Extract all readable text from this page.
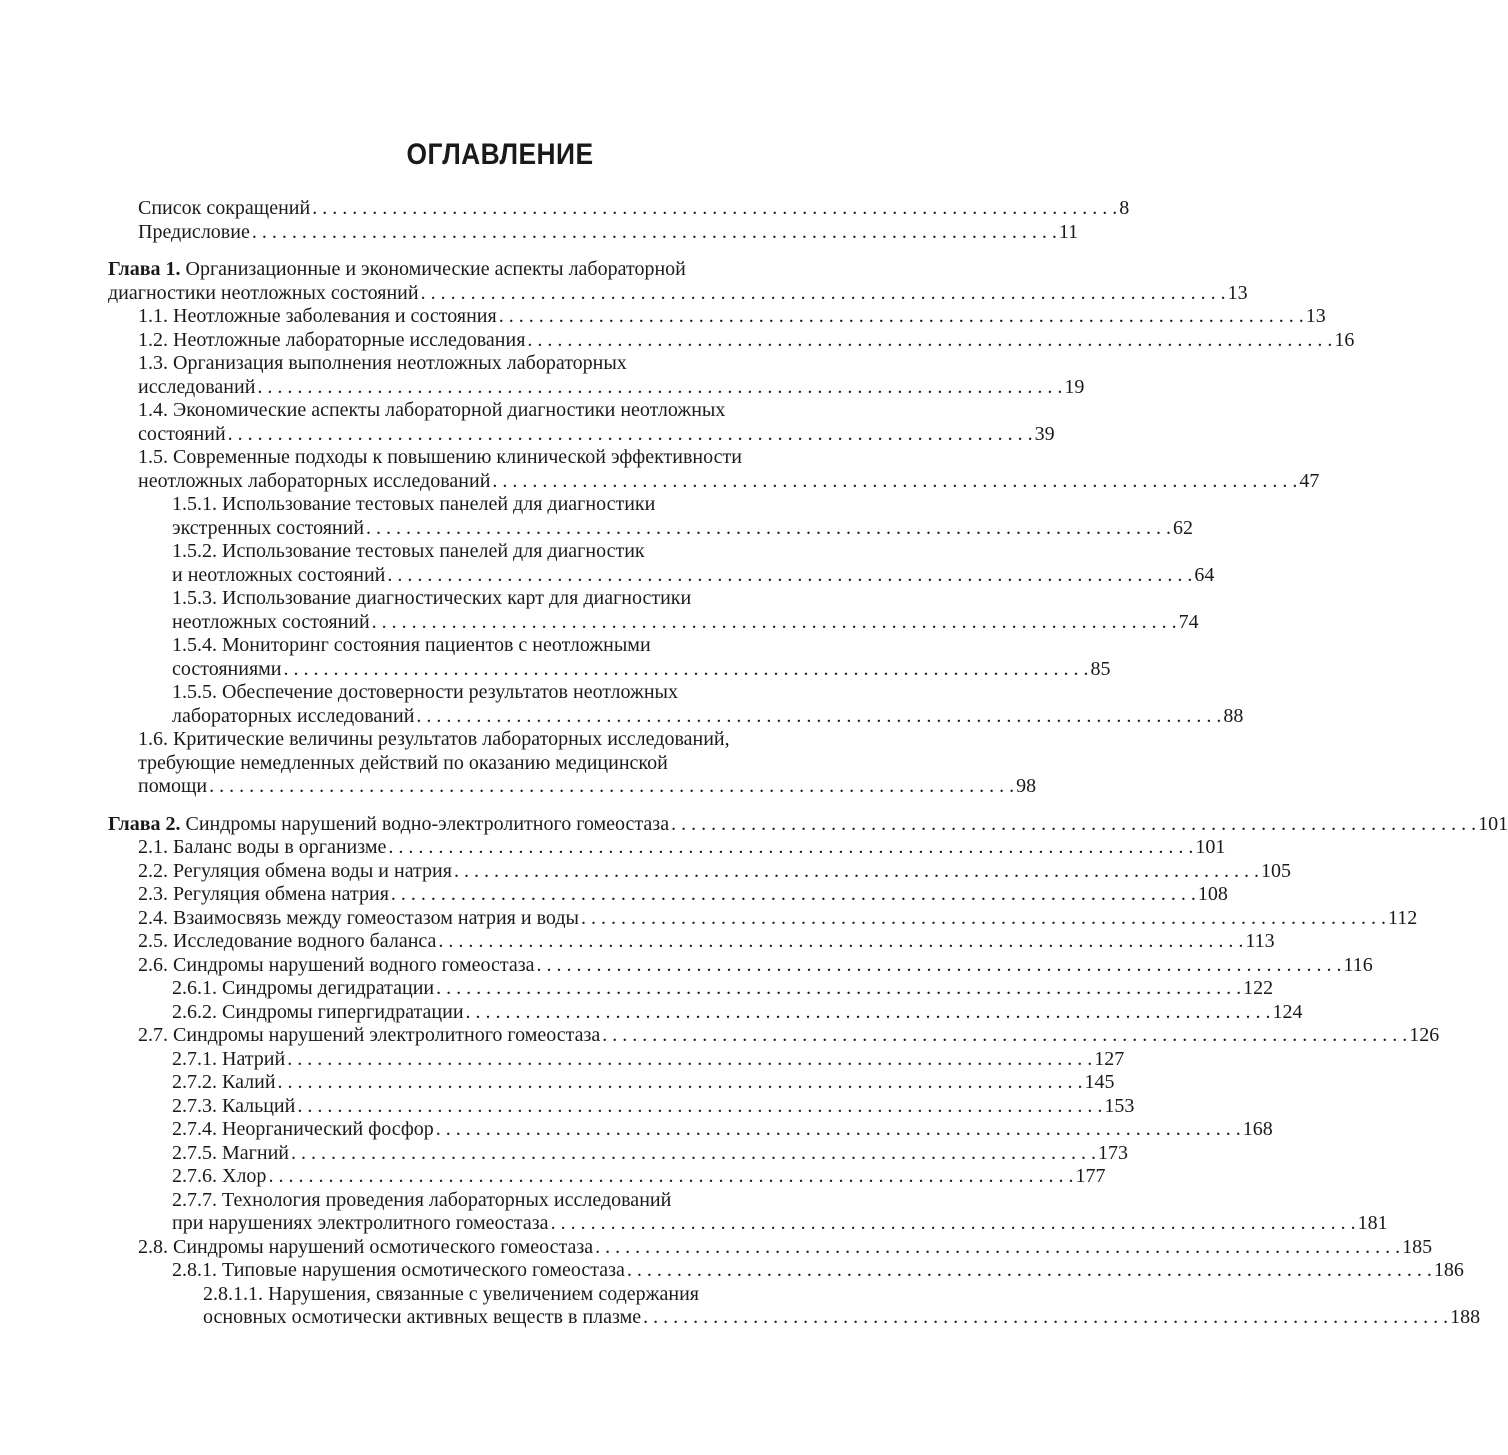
ОГЛАВЛЕНИЕ
Список сокращений . . . . . . . . . . . . . . . . . . . . . . . . . . . . . . . . . . . . . . . . . . . . . . . . . . . . . . . . . . . . . . . . . . . . . . . . . . . . . . . . . 8
Предисловие . . . . . . . . . . . . . . . . . . . . . . . . . . . . . . . . . . . . . . . . . . . . . . . . . . . . . . . . . . . . . . . . . . . . . . . . . . . . . . . . . 11
Глава 1. Организационные и экономические аспекты лабораторной
диагностики неотложных состояний . . . . . . . . . . . . . . . . . . . . . . . . . . . . . . . . . . . . . . . . . . . . . . . . . . . . . . . . . . . . . . . . . . . . . . . . . . . . . . . . . 13
1.1. Неотложные заболевания и состояния . . . . . . . . . . . . . . . . . . . . . . . . . . . . . . . . . . . . . . . . . . . . . . . . . . . . . . . . . . . . . . . . . . . . . . . . . . . . . . . . . 13
1.2. Неотложные лабораторные исследования . . . . . . . . . . . . . . . . . . . . . . . . . . . . . . . . . . . . . . . . . . . . . . . . . . . . . . . . . . . . . . . . . . . . . . . . . . . . . . . . . 16
1.3. Организация выполнения неотложных лабораторных
исследований . . . . . . . . . . . . . . . . . . . . . . . . . . . . . . . . . . . . . . . . . . . . . . . . . . . . . . . . . . . . . . . . . . . . . . . . . . . . . . . . . 19
1.4. Экономические аспекты лабораторной диагностики неотложных
состояний . . . . . . . . . . . . . . . . . . . . . . . . . . . . . . . . . . . . . . . . . . . . . . . . . . . . . . . . . . . . . . . . . . . . . . . . . . . . . . . . . 39
1.5. Современные подходы к повышению клинической эффективности
неотложных лабораторных исследований . . . . . . . . . . . . . . . . . . . . . . . . . . . . . . . . . . . . . . . . . . . . . . . . . . . . . . . . . . . . . . . . . . . . . . . . . . . . . . . . . 47
1.5.1. Использование тестовых панелей для диагностики
экстренных состояний . . . . . . . . . . . . . . . . . . . . . . . . . . . . . . . . . . . . . . . . . . . . . . . . . . . . . . . . . . . . . . . . . . . . . . . . . . . . . . . . . 62
1.5.2. Использование тестовых панелей для диагностик
и неотложных состояний . . . . . . . . . . . . . . . . . . . . . . . . . . . . . . . . . . . . . . . . . . . . . . . . . . . . . . . . . . . . . . . . . . . . . . . . . . . . . . . . . 64
1.5.3. Использование диагностических карт для диагностики
неотложных состояний . . . . . . . . . . . . . . . . . . . . . . . . . . . . . . . . . . . . . . . . . . . . . . . . . . . . . . . . . . . . . . . . . . . . . . . . . . . . . . . . . 74
1.5.4. Мониторинг состояния пациентов с неотложными
состояниями . . . . . . . . . . . . . . . . . . . . . . . . . . . . . . . . . . . . . . . . . . . . . . . . . . . . . . . . . . . . . . . . . . . . . . . . . . . . . . . . . 85
1.5.5. Обеспечение достоверности результатов неотложных
лабораторных исследований . . . . . . . . . . . . . . . . . . . . . . . . . . . . . . . . . . . . . . . . . . . . . . . . . . . . . . . . . . . . . . . . . . . . . . . . . . . . . . . . . 88
1.6. Критические величины результатов лабораторных исследований,
требующие немедленных действий по оказанию медицинской
помощи . . . . . . . . . . . . . . . . . . . . . . . . . . . . . . . . . . . . . . . . . . . . . . . . . . . . . . . . . . . . . . . . . . . . . . . . . . . . . . . . . 98
Глава 2. Синдромы нарушений водно-электролитного гомеостаза . . . . . . . . . . . . . . . . . . . . . . . . . . . . . . . . . . . . . . . . . . . . . . . . . . . . . . . . . . . . . . . . . . . . . . . . . . . . . . . . . 101
2.1. Баланс воды в организме . . . . . . . . . . . . . . . . . . . . . . . . . . . . . . . . . . . . . . . . . . . . . . . . . . . . . . . . . . . . . . . . . . . . . . . . . . . . . . . . . 101
2.2. Регуляция обмена воды и натрия . . . . . . . . . . . . . . . . . . . . . . . . . . . . . . . . . . . . . . . . . . . . . . . . . . . . . . . . . . . . . . . . . . . . . . . . . . . . . . . . . 105
2.3. Регуляция обмена натрия . . . . . . . . . . . . . . . . . . . . . . . . . . . . . . . . . . . . . . . . . . . . . . . . . . . . . . . . . . . . . . . . . . . . . . . . . . . . . . . . . 108
2.4. Взаимосвязь между гомеостазом натрия и воды . . . . . . . . . . . . . . . . . . . . . . . . . . . . . . . . . . . . . . . . . . . . . . . . . . . . . . . . . . . . . . . . . . . . . . . . . . . . . . . . . 112
2.5. Исследование водного баланса . . . . . . . . . . . . . . . . . . . . . . . . . . . . . . . . . . . . . . . . . . . . . . . . . . . . . . . . . . . . . . . . . . . . . . . . . . . . . . . . . 113
2.6. Синдромы нарушений водного гомеостаза . . . . . . . . . . . . . . . . . . . . . . . . . . . . . . . . . . . . . . . . . . . . . . . . . . . . . . . . . . . . . . . . . . . . . . . . . . . . . . . . . 116
2.6.1. Синдромы дегидратации . . . . . . . . . . . . . . . . . . . . . . . . . . . . . . . . . . . . . . . . . . . . . . . . . . . . . . . . . . . . . . . . . . . . . . . . . . . . . . . . . 122
2.6.2. Синдромы гипергидратации . . . . . . . . . . . . . . . . . . . . . . . . . . . . . . . . . . . . . . . . . . . . . . . . . . . . . . . . . . . . . . . . . . . . . . . . . . . . . . . . . 124
2.7. Синдромы нарушений электролитного гомеостаза . . . . . . . . . . . . . . . . . . . . . . . . . . . . . . . . . . . . . . . . . . . . . . . . . . . . . . . . . . . . . . . . . . . . . . . . . . . . . . . . . 126
2.7.1. Натрий . . . . . . . . . . . . . . . . . . . . . . . . . . . . . . . . . . . . . . . . . . . . . . . . . . . . . . . . . . . . . . . . . . . . . . . . . . . . . . . . . 127
2.7.2. Калий . . . . . . . . . . . . . . . . . . . . . . . . . . . . . . . . . . . . . . . . . . . . . . . . . . . . . . . . . . . . . . . . . . . . . . . . . . . . . . . . . 145
2.7.3. Кальций . . . . . . . . . . . . . . . . . . . . . . . . . . . . . . . . . . . . . . . . . . . . . . . . . . . . . . . . . . . . . . . . . . . . . . . . . . . . . . . . . 153
2.7.4. Неорганический фосфор . . . . . . . . . . . . . . . . . . . . . . . . . . . . . . . . . . . . . . . . . . . . . . . . . . . . . . . . . . . . . . . . . . . . . . . . . . . . . . . . . 168
2.7.5. Магний . . . . . . . . . . . . . . . . . . . . . . . . . . . . . . . . . . . . . . . . . . . . . . . . . . . . . . . . . . . . . . . . . . . . . . . . . . . . . . . . . 173
2.7.6. Хлор . . . . . . . . . . . . . . . . . . . . . . . . . . . . . . . . . . . . . . . . . . . . . . . . . . . . . . . . . . . . . . . . . . . . . . . . . . . . . . . . . 177
2.7.7. Технология проведения лабораторных исследований
при нарушениях электролитного гомеостаза . . . . . . . . . . . . . . . . . . . . . . . . . . . . . . . . . . . . . . . . . . . . . . . . . . . . . . . . . . . . . . . . . . . . . . . . . . . . . . . . . 181
2.8. Синдромы нарушений осмотического гомеостаза . . . . . . . . . . . . . . . . . . . . . . . . . . . . . . . . . . . . . . . . . . . . . . . . . . . . . . . . . . . . . . . . . . . . . . . . . . . . . . . . . 185
2.8.1. Типовые нарушения осмотического гомеостаза . . . . . . . . . . . . . . . . . . . . . . . . . . . . . . . . . . . . . . . . . . . . . . . . . . . . . . . . . . . . . . . . . . . . . . . . . . . . . . . . . 186
2.8.1.1. Нарушения, связанные с увеличением содержания
основных осмотически активных веществ в плазме . . . . . . . . . . . . . . . . . . . . . . . . . . . . . . . . . . . . . . . . . . . . . . . . . . . . . . . . . . . . . . . . . . . . . . . . . . . . . . . . . 188
